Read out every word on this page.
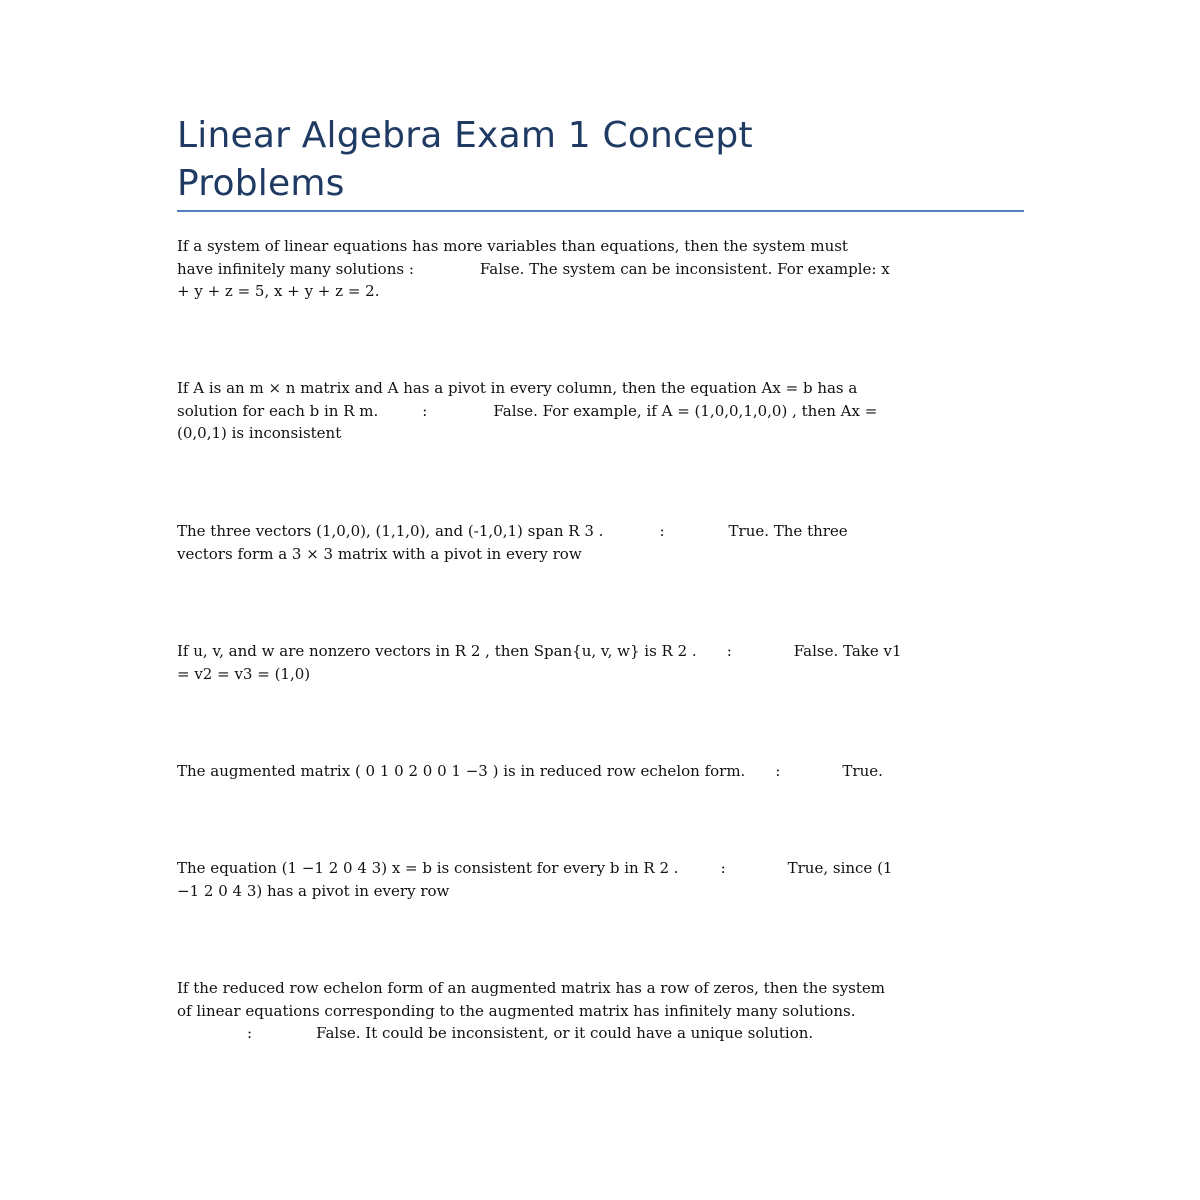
Linear Algebra Exam 1 Concept
Problems
If a system of linear equations has more variables than equations, then the system must
have infinitely many solutions :	False. The system can be inconsistent. For example: x
+ y + z = 5, x + y + z = 2.
If A is an m × n matrix and A has a pivot in every column, then the equation Ax = b has a
solution for each b in R m.	:	False. For example, if A = (1,0,0,1,0,0) , then Ax =
(0,0,1) is inconsistent
The three vectors (1,0,0), (1,1,0), and (-1,0,1) span R 3 .	:	True. The three
vectors form a 3 × 3 matrix with a pivot in every row
If u, v, and w are nonzero vectors in R 2 , then Span{u, v, w} is R 2 . :	False. Take v1
= v2 = v3 = (1,0)
The augmented matrix ( 0 1 0 2 0 0 1 −3 ) is in reduced row echelon form. :	True.
The equation (1 −1 2 0 4 3) x = b is consistent for every b in R 2 .	:	True, since (1
−1 2 0 4 3) has a pivot in every row
If the reduced row echelon form of an augmented matrix has a row of zeros, then the system
of linear equations corresponding to the augmented matrix has infinitely many solutions.
:	False. It could be inconsistent, or it could have a unique solution.
